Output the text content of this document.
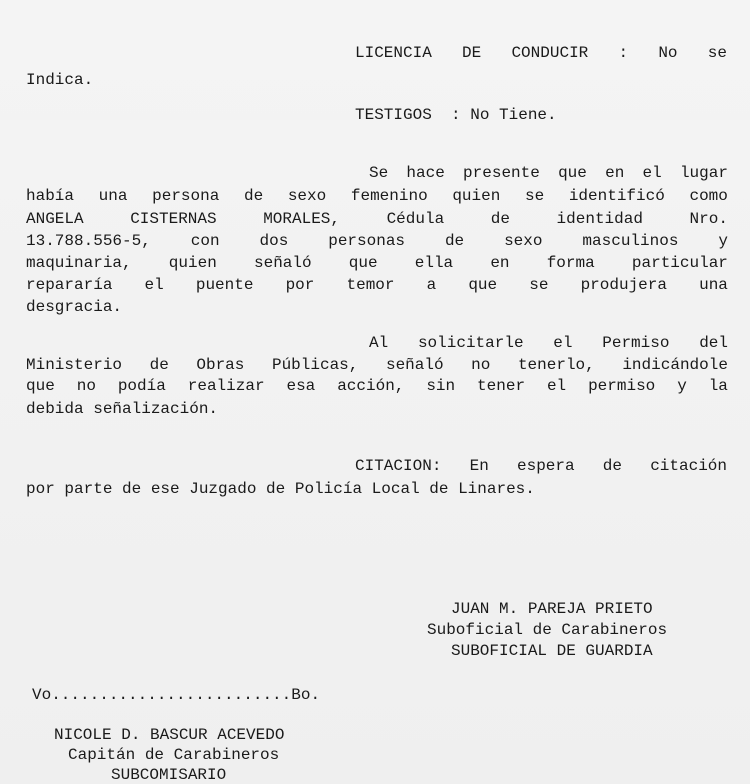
LICENCIA DE CONDUCIR : No se
Indica.
TESTIGOS  : No Tiene.
Se hace presente que en el lugar
había una persona de sexo femenino quien se identificó como
ANGELA	CISTERNAS	MORALES,	Cédula	de	identidad	Nro.
13.788.556-5, con dos personas de sexo masculinos y
maquinaria, quien señaló que ella en forma particular
repararía el puente por temor a que se produjera una
desgracia.
Al solicitarle el Permiso del
Ministerio de Obras Públicas, señaló no tenerlo, indicándole
que no podía realizar esa acción, sin tener el permiso y la
debida señalización.
CITACION: En espera de citación
por parte de ese Juzgado de Policía Local de Linares.
JUAN M. PAREJA PRIETO
Suboficial de Carabineros
SUBOFICIAL DE GUARDIA
Vo.........................Bo.
NICOLE D. BASCUR ACEVEDO
Capitán de Carabineros
SUBCOMISARIO
